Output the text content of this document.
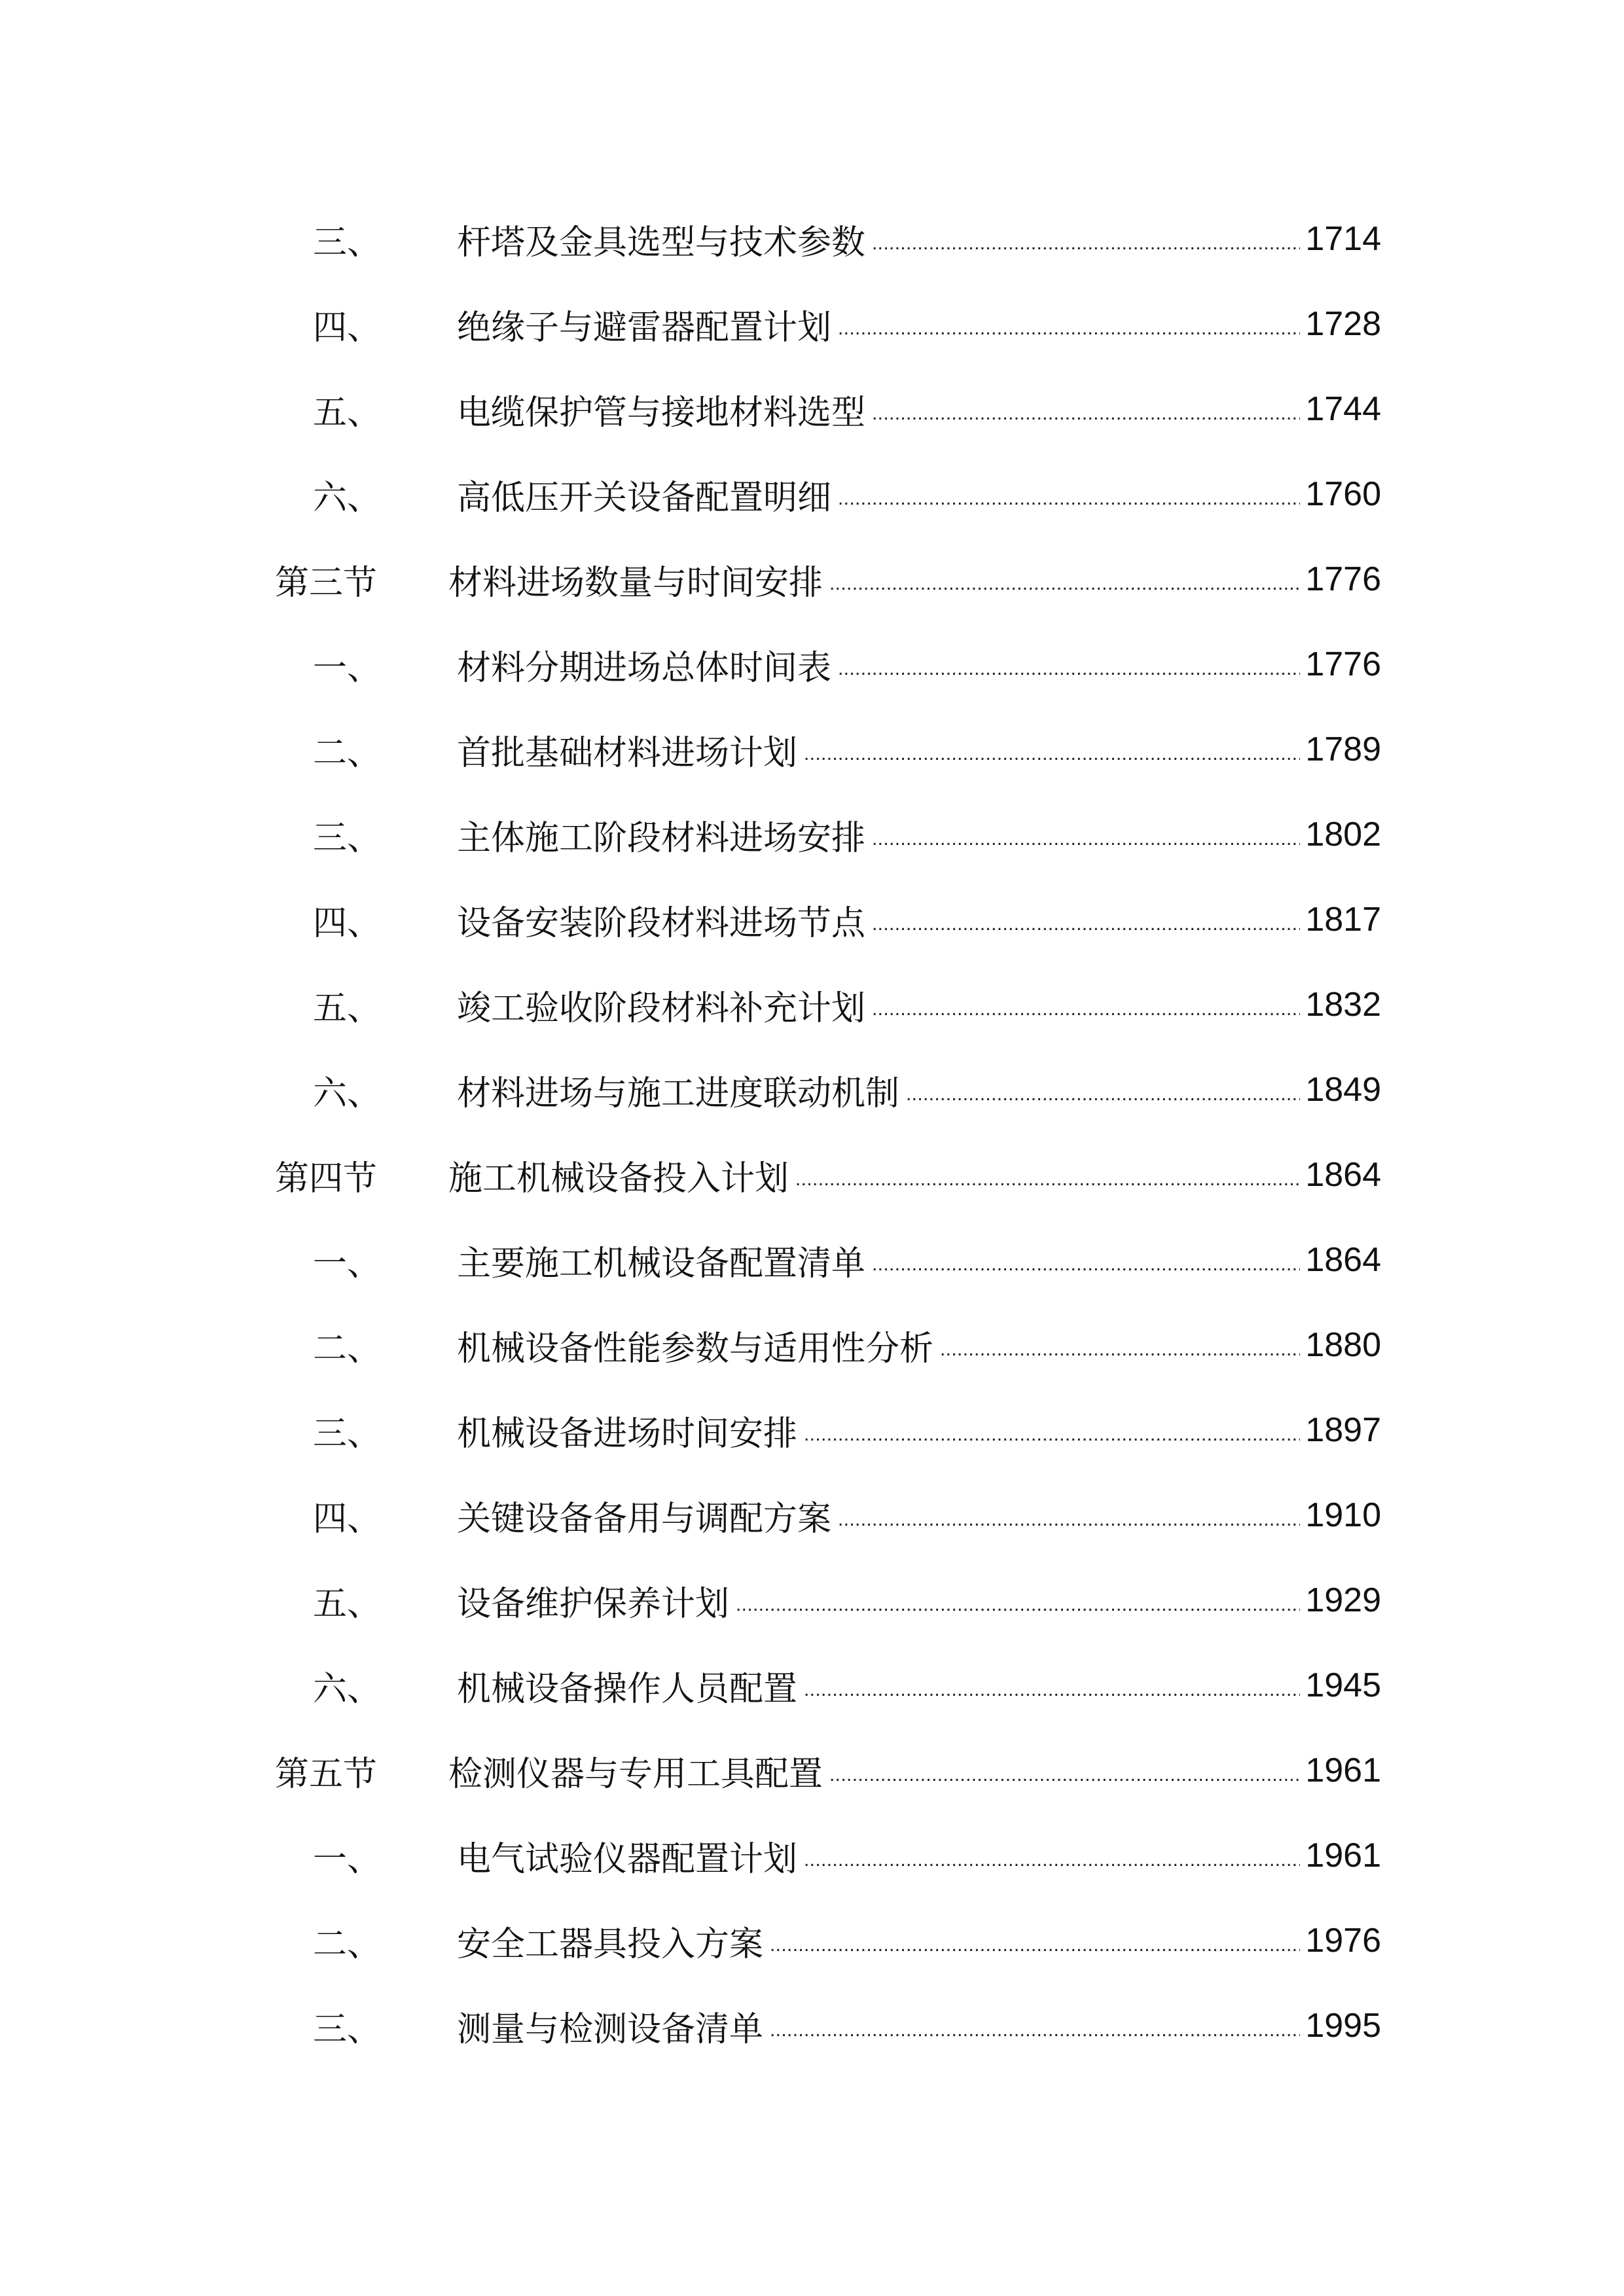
三、	杆塔及金具选型与技术参数 . . .	1714
四、	绝缘子与避雷器配置计划 . . .	1728
五、	电缆保护管与接地材料选型 . . .	1744
六、	高低压开关设备配置明细 . . .	1760
第三节	材料进场数量与时间安排 . . .	1776
一、	材料分期进场总体时间表 . . .	1776
二、	首批基础材料进场计划 . . .	1789
三、	主体施工阶段材料进场安排 . . .	1802
四、	设备安装阶段材料进场节点 . . .	1817
五、	竣工验收阶段材料补充计划 . . .	1832
六、	材料进场与施工进度联动机制 . . .	1849
第四节	施工机械设备投入计划 . . .	1864
一、	主要施工机械设备配置清单 . . .	1864
二、	机械设备性能参数与适用性分析 . . .	1880
三、	机械设备进场时间安排 . . .	1897
四、	关键设备备用与调配方案 . . .	1910
五、	设备维护保养计划 . . .	1929
六、	机械设备操作人员配置 . . .	1945
第五节	检测仪器与专用工具配置 . . .	1961
一、	电气试验仪器配置计划 . . .	1961
二、	安全工器具投入方案 . . .	1976
三、	测量与检测设备清单 . . .	1995
